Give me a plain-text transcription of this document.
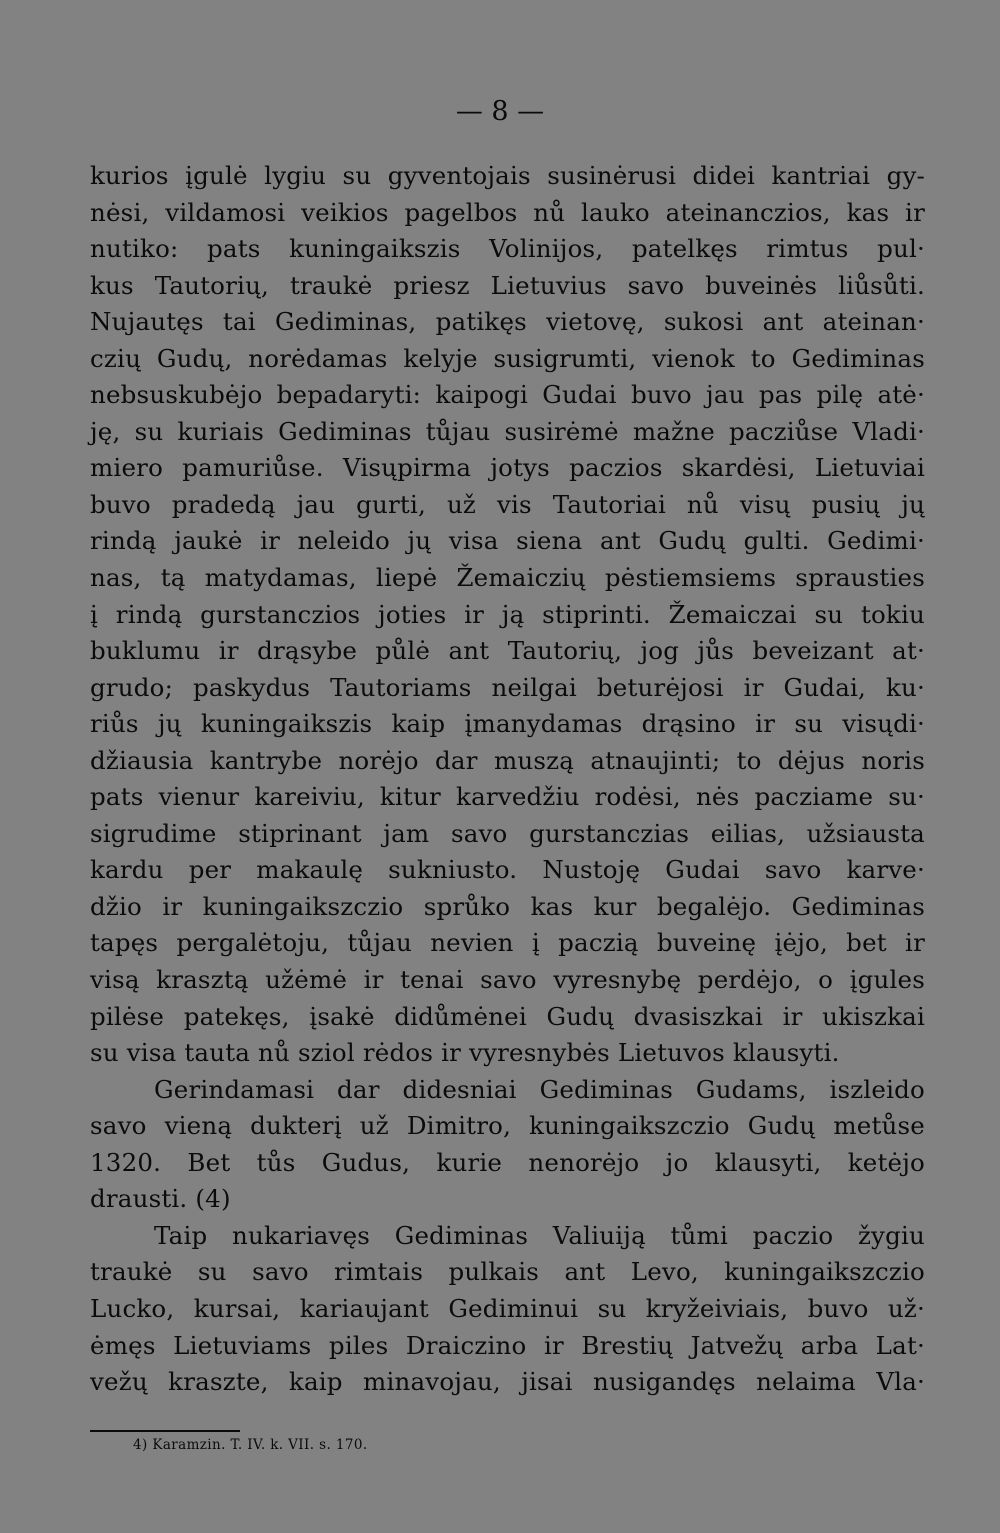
— 8 —
kurios įgulė lygiu su gyventojais susinėrusi didei kantriai gy-
nėsi, vildamosi veikios pagelbos nů lauko ateinanczios, kas ir
nutiko: pats kuningaikszis Volinijos, patelkęs rimtus pul·
kus Tautorių, traukė priesz Lietuvius savo buveinės liůsůti.
Nujautęs tai Gediminas, patikęs vietovę, sukosi ant ateinan·
czių Gudų, norėdamas kelyje susigrumti, vienok to Gediminas
nebsuskubėjo bepadaryti: kaipogi Gudai buvo jau pas pilę atė·
ję, su kuriais Gediminas tůjau susirėmė mažne pacziůse Vladi·
miero pamuriůse. Visųpirma jotys paczios skardėsi, Lietuviai
buvo pradedą jau gurti, už vis Tautoriai nů visų pusių jų
rindą jaukė ir neleido jų visa siena ant Gudų gulti. Gedimi·
nas, tą matydamas, liepė Žemaiczių pėstiemsiems sprausties
į rindą gurstanczios joties ir ją stiprinti. Žemaiczai su tokiu
buklumu ir drąsybe půlė ant Tautorių, jog jůs beveizant at·
grudo; paskydus Tautoriams neilgai beturėjosi ir Gudai, ku·
riůs jų kuningaikszis kaip įmanydamas drąsino ir su visųdi·
džiausia kantrybe norėjo dar muszą atnaujinti; to dėjus noris
pats vienur kareiviu, kitur karvedžiu rodėsi, nės pacziame su·
sigrudime stiprinant jam savo gurstanczias eilias, užsiausta
kardu per makaulę sukniusto. Nustoję Gudai savo karve·
džio ir kuningaikszczio sprůko kas kur begalėjo. Gediminas
tapęs pergalėtoju, tůjau nevien į paczią buveinę įėjo, bet ir
visą krasztą užėmė ir tenai savo vyresnybę perdėjo, o įgules
pilėse patekęs, įsakė didůmėnei Gudų dvasiszkai ir ukiszkai
su visa tauta nů sziol rėdos ir vyresnybės Lietuvos klausyti.
Gerindamasi dar didesniai Gediminas Gudams, iszleido
savo vieną dukterį už Dimitro, kuningaikszczio Gudų metůse
1320. Bet tůs Gudus, kurie nenorėjo jo klausyti, ketėjo
drausti. (4)
Taip nukariavęs Gediminas Valiuiją tůmi paczio žygiu
traukė su savo rimtais pulkais ant Levo, kuningaikszczio
Lucko, kursai, kariaujant Gediminui su kryžeiviais, buvo už·
ėmęs Lietuviams piles Draiczino ir Brestių Jatvežų arba Lat·
vežų kraszte, kaip minavojau, jisai nusigandęs nelaima Vla·
4) Karamzin. T. IV. k. VII. s. 170.
